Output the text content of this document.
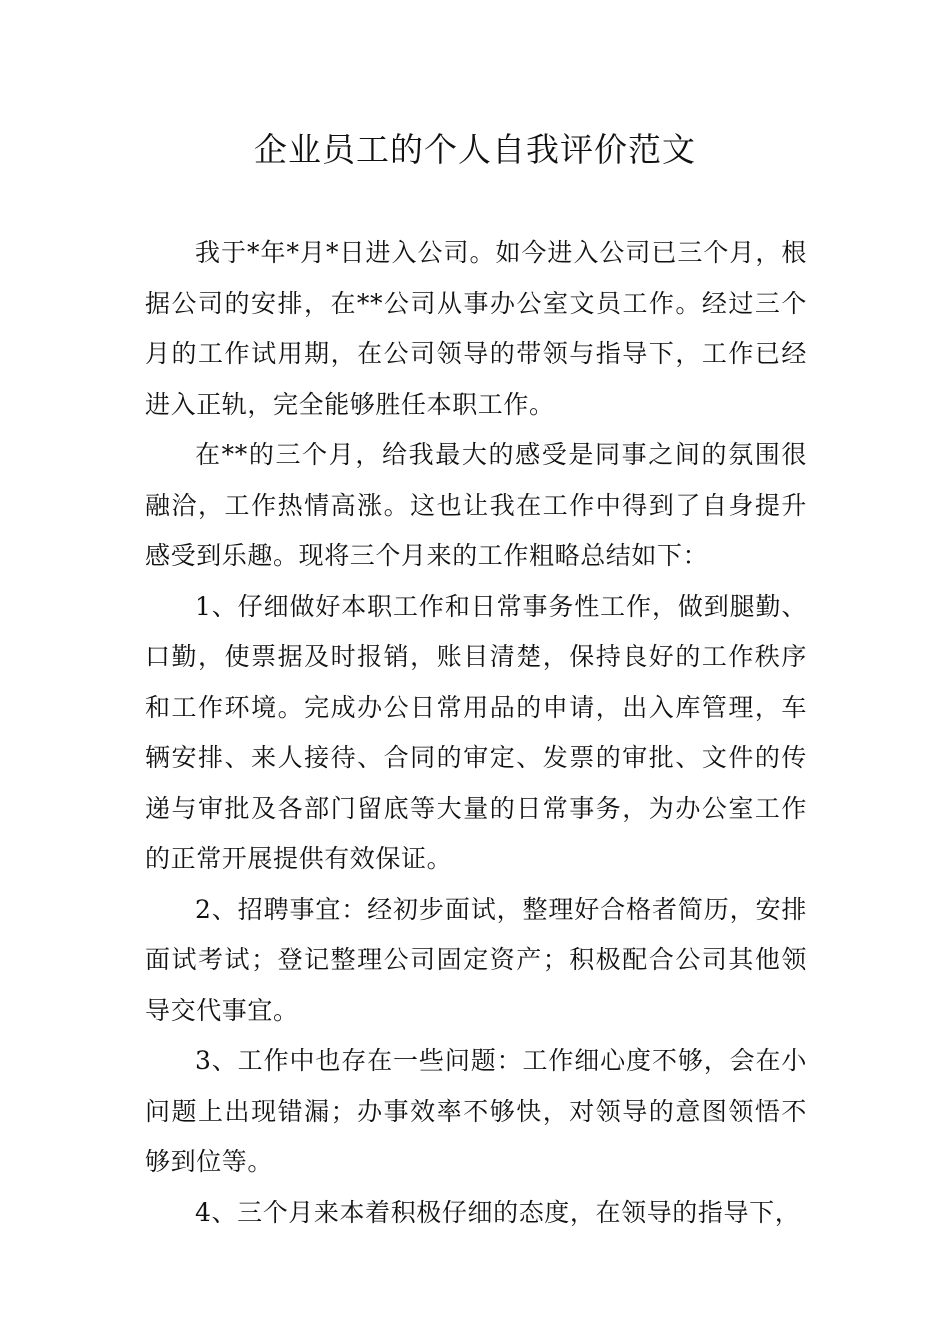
企业员工的个人自我评价范文

我于*年*月*日进入公司。如今进入公司已三个月，根据公司的安排，在**公司从事办公室文员工作。经过三个月的工作试用期，在公司领导的带领与指导下，工作已经进入正轨，完全能够胜任本职工作。

在**的三个月，给我最大的感受是同事之间的氛围很融洽，工作热情高涨。这也让我在工作中得到了自身提升感受到乐趣。现将三个月来的工作粗略总结如下：

1、仔细做好本职工作和日常事务性工作，做到腿勤、口勤，使票据及时报销，账目清楚，保持良好的工作秩序和工作环境。完成办公日常用品的申请，出入库管理，车辆安排、来人接待、合同的审定、发票的审批、文件的传递与审批及各部门留底等大量的日常事务，为办公室工作的正常开展提供有效保证。

2、招聘事宜：经初步面试，整理好合格者简历，安排面试考试；登记整理公司固定资产；积极配合公司其他领导交代事宜。

3、工作中也存在一些问题：工作细心度不够，会在小问题上出现错漏；办事效率不够快，对领导的意图领悟不够到位等。

4、三个月来本着积极仔细的态度，在领导的指导下，
